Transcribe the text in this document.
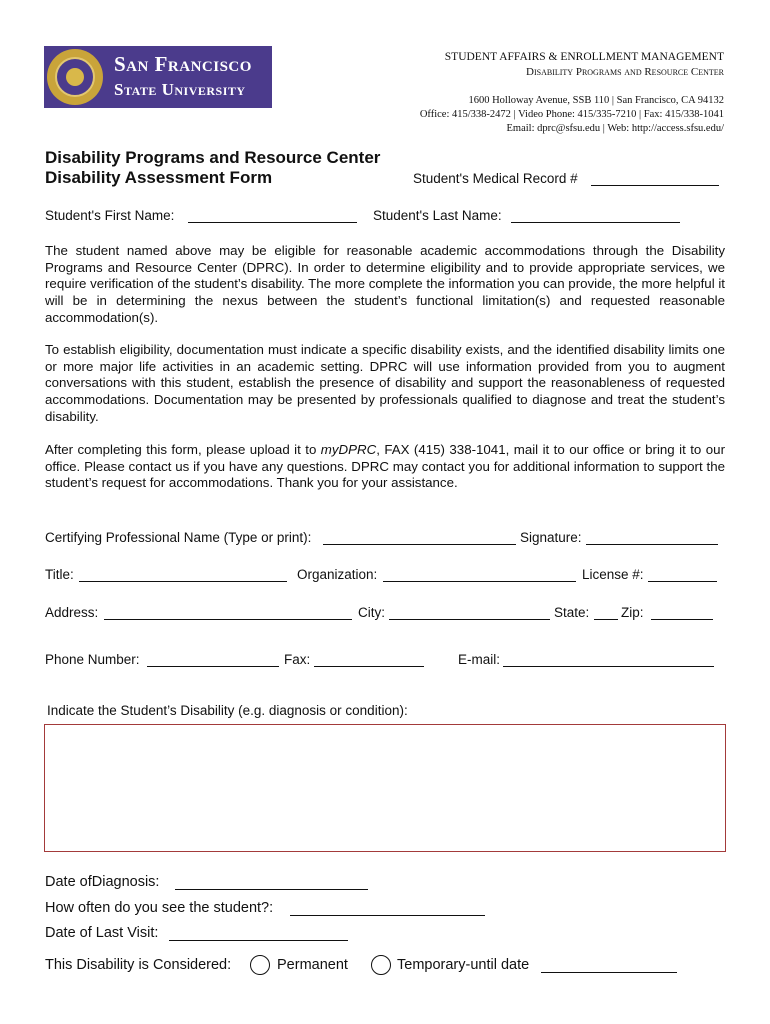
San Francisco
State University
STUDENT AFFAIRS & ENROLLMENT MANAGEMENT
Disability Programs and Resource Center
1600 Holloway Avenue, SSB 110 | San Francisco, CA 94132
Office: 415/338-2472 | Video Phone: 415/335-7210 | Fax: 415/338-1041
Email: dprc@sfsu.edu | Web: http://access.sfsu.edu/
Disability Programs and Resource Center
Disability Assessment Form	Student's Medical Record #
Student's First Name:	Student's Last Name:
The student named above may be eligible for reasonable academic accommodations through the Disability Programs and Resource Center (DPRC). In order to determine eligibility and to provide appropriate services, we require verification of the student’s disability. The more complete the information you can provide, the more helpful it will be in determining the nexus between the student’s functional limitation(s) and requested reasonable accommodation(s).
To establish eligibility, documentation must indicate a specific disability exists, and the identified disability limits one or more major life activities in an academic setting. DPRC will use information provided from you to augment conversations with this student, establish the presence of disability and support the reasonableness of requested accommodations. Documentation may be presented by professionals qualified to diagnose and treat the student’s disability.
After completing this form, please upload it to myDPRC, FAX (415) 338-1041, mail it to our office or bring it to our office. Please contact us if you have any questions. DPRC may contact you for additional information to support the student’s request for accommodations. Thank you for your assistance.
Certifying Professional Name (Type or print):	Signature:
Title:	Organization:	License #:
Address:	City:	State: Zip:
Phone Number:	Fax:	E-mail:
Indicate the Student’s Disability (e.g. diagnosis or condition):
Date ofDiagnosis:
How often do you see the student?:
Date of Last Visit:
This Disability is Considered:	Permanent	Temporary-until date
